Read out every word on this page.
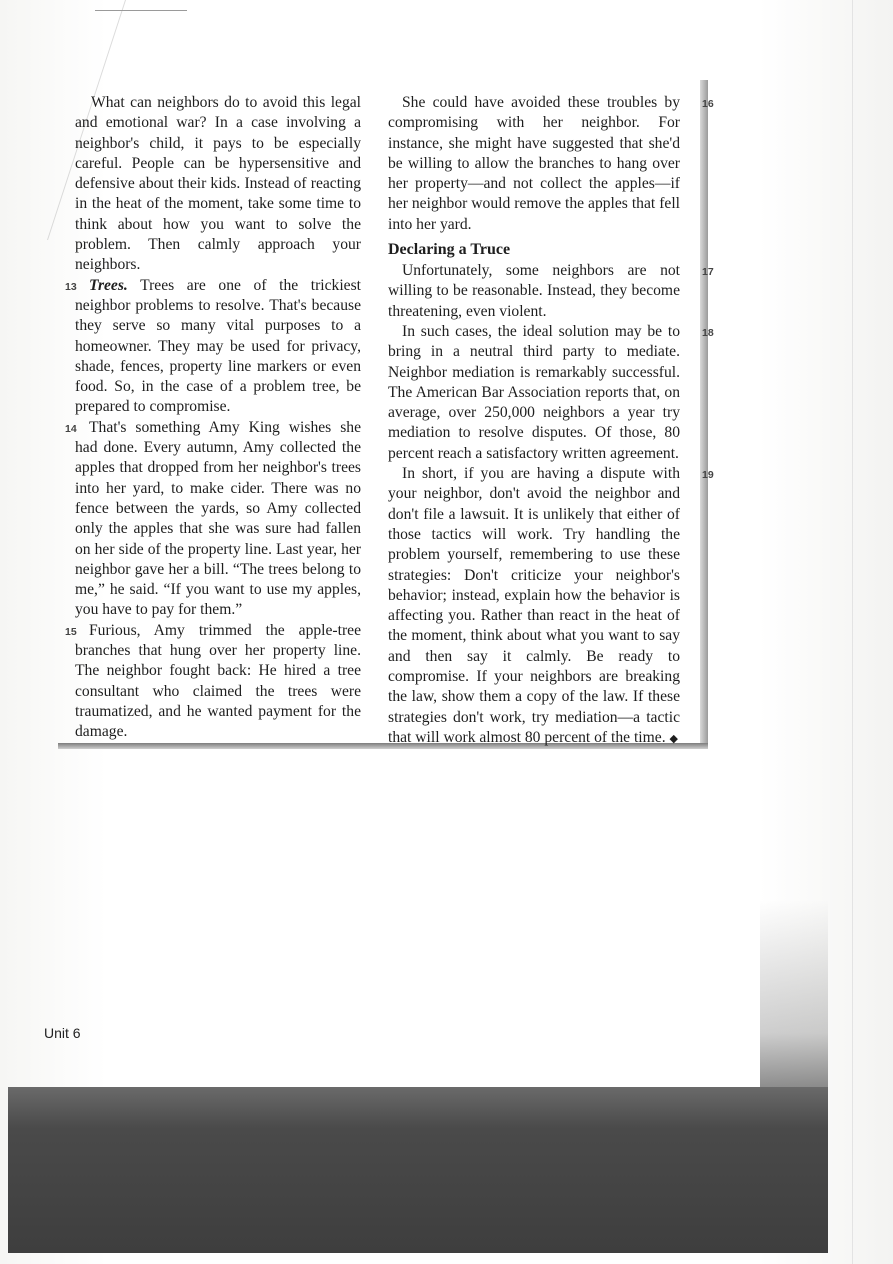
What can neighbors do to avoid this legal and emotional war? In a case involving a neighbor's child, it pays to be especially careful. People can be hypersensitive and defensive about their kids. Instead of reacting in the heat of the moment, take some time to think about how you want to solve the problem. Then calmly approach your neighbors.

13 Trees. Trees are one of the trickiest neighbor problems to resolve. That's because they serve so many vital purposes to a homeowner. They may be used for privacy, shade, fences, property line markers or even food. So, in the case of a problem tree, be prepared to compromise.

14 That's something Amy King wishes she had done. Every autumn, Amy collected the apples that dropped from her neighbor's trees into her yard, to make cider. There was no fence between the yards, so Amy collected only the apples that she was sure had fallen on her side of the property line. Last year, her neighbor gave her a bill. “The trees belong to me,” he said. “If you want to use my apples, you have to pay for them.”

15 Furious, Amy trimmed the apple-tree branches that hung over her property line. The neighbor fought back: He hired a tree consultant who claimed the trees were traumatized, and he wanted payment for the damage.

16
She could have avoided these troubles by compromising with her neighbor. For instance, she might have suggested that she'd be willing to allow the branches to hang over her property—and not collect the apples—if her neighbor would remove the apples that fell into her yard.

Declaring a Truce

17
Unfortunately, some neighbors are not willing to be reasonable. Instead, they become threatening, even violent.

18
In such cases, the ideal solution may be to bring in a neutral third party to mediate. Neighbor mediation is remarkably successful. The American Bar Association reports that, on average, over 250,000 neighbors a year try mediation to resolve disputes. Of those, 80 percent reach a satisfactory written agreement.

19
In short, if you are having a dispute with your neighbor, don't avoid the neighbor and don't file a lawsuit. It is unlikely that either of those tactics will work. Try handling the problem yourself, remembering to use these strategies: Don't criticize your neighbor's behavior; instead, explain how the behavior is affecting you. Rather than react in the heat of the moment, think about what you want to say and then say it calmly. Be ready to compromise. If your neighbors are breaking the law, show them a copy of the law. If these strategies don't work, try mediation—a tactic that will work almost 80 percent of the time. ◆

Unit 6
